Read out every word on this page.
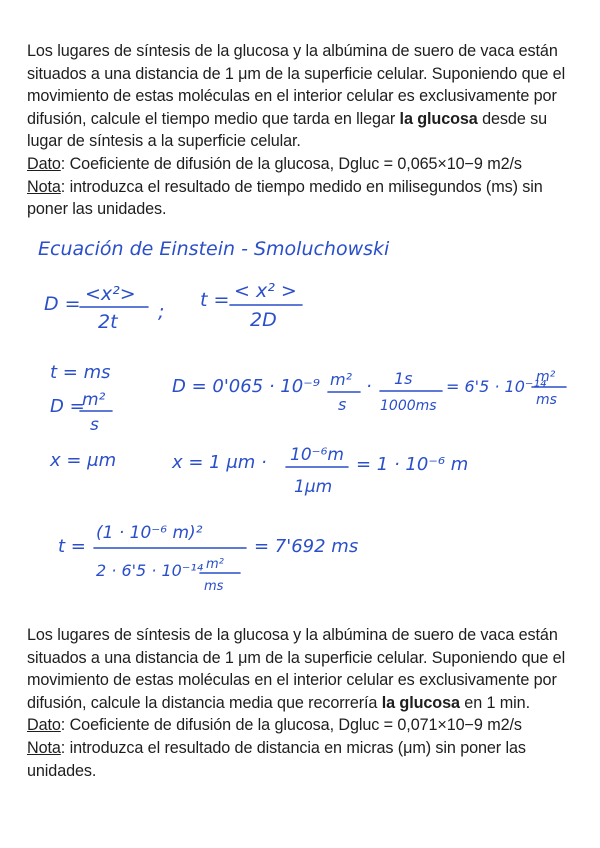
Los lugares de síntesis de la glucosa y la albúmina de suero de vaca están situados a una distancia de 1 μm de la superficie celular. Suponiendo que el movimiento de estas moléculas en el interior celular es exclusivamente por difusión, calcule el tiempo medio que tarda en llegar la glucosa desde su lugar de síntesis a la superficie celular.

Dato: Coeficiente de difusión de la glucosa, Dgluc = 0,065×10−9 m2/s

Nota: introduzca el resultado de tiempo medido en milisegundos (ms) sin poner las unidades.

Ecuación de Einstein - Smoluchowski
D = <x²>
2t ;
t = < x² >
2D
t = ms
D =
m²
s
x = μm
D = 0'065 · 10⁻⁹ m²
s
· 1s
1000ms
= 6'5 · 10⁻¹⁴
m²
ms
x = 1 μm · 10⁻⁶m
1μm
= 1 · 10⁻⁶ m
t =
(1 · 10⁻⁶ m)²
2 · 6'5 · 10⁻¹⁴ m²
ms
= 7'692 ms

Los lugares de síntesis de la glucosa y la albúmina de suero de vaca están situados a una distancia de 1 μm de la superficie celular. Suponiendo que el movimiento de estas moléculas en el interior celular es exclusivamente por difusión, calcule la distancia media que recorrería la glucosa en 1 min.

Dato: Coeficiente de difusión de la glucosa, Dgluc = 0,071×10−9 m2/s

Nota: introduzca el resultado de distancia en micras (μm) sin poner las unidades.
